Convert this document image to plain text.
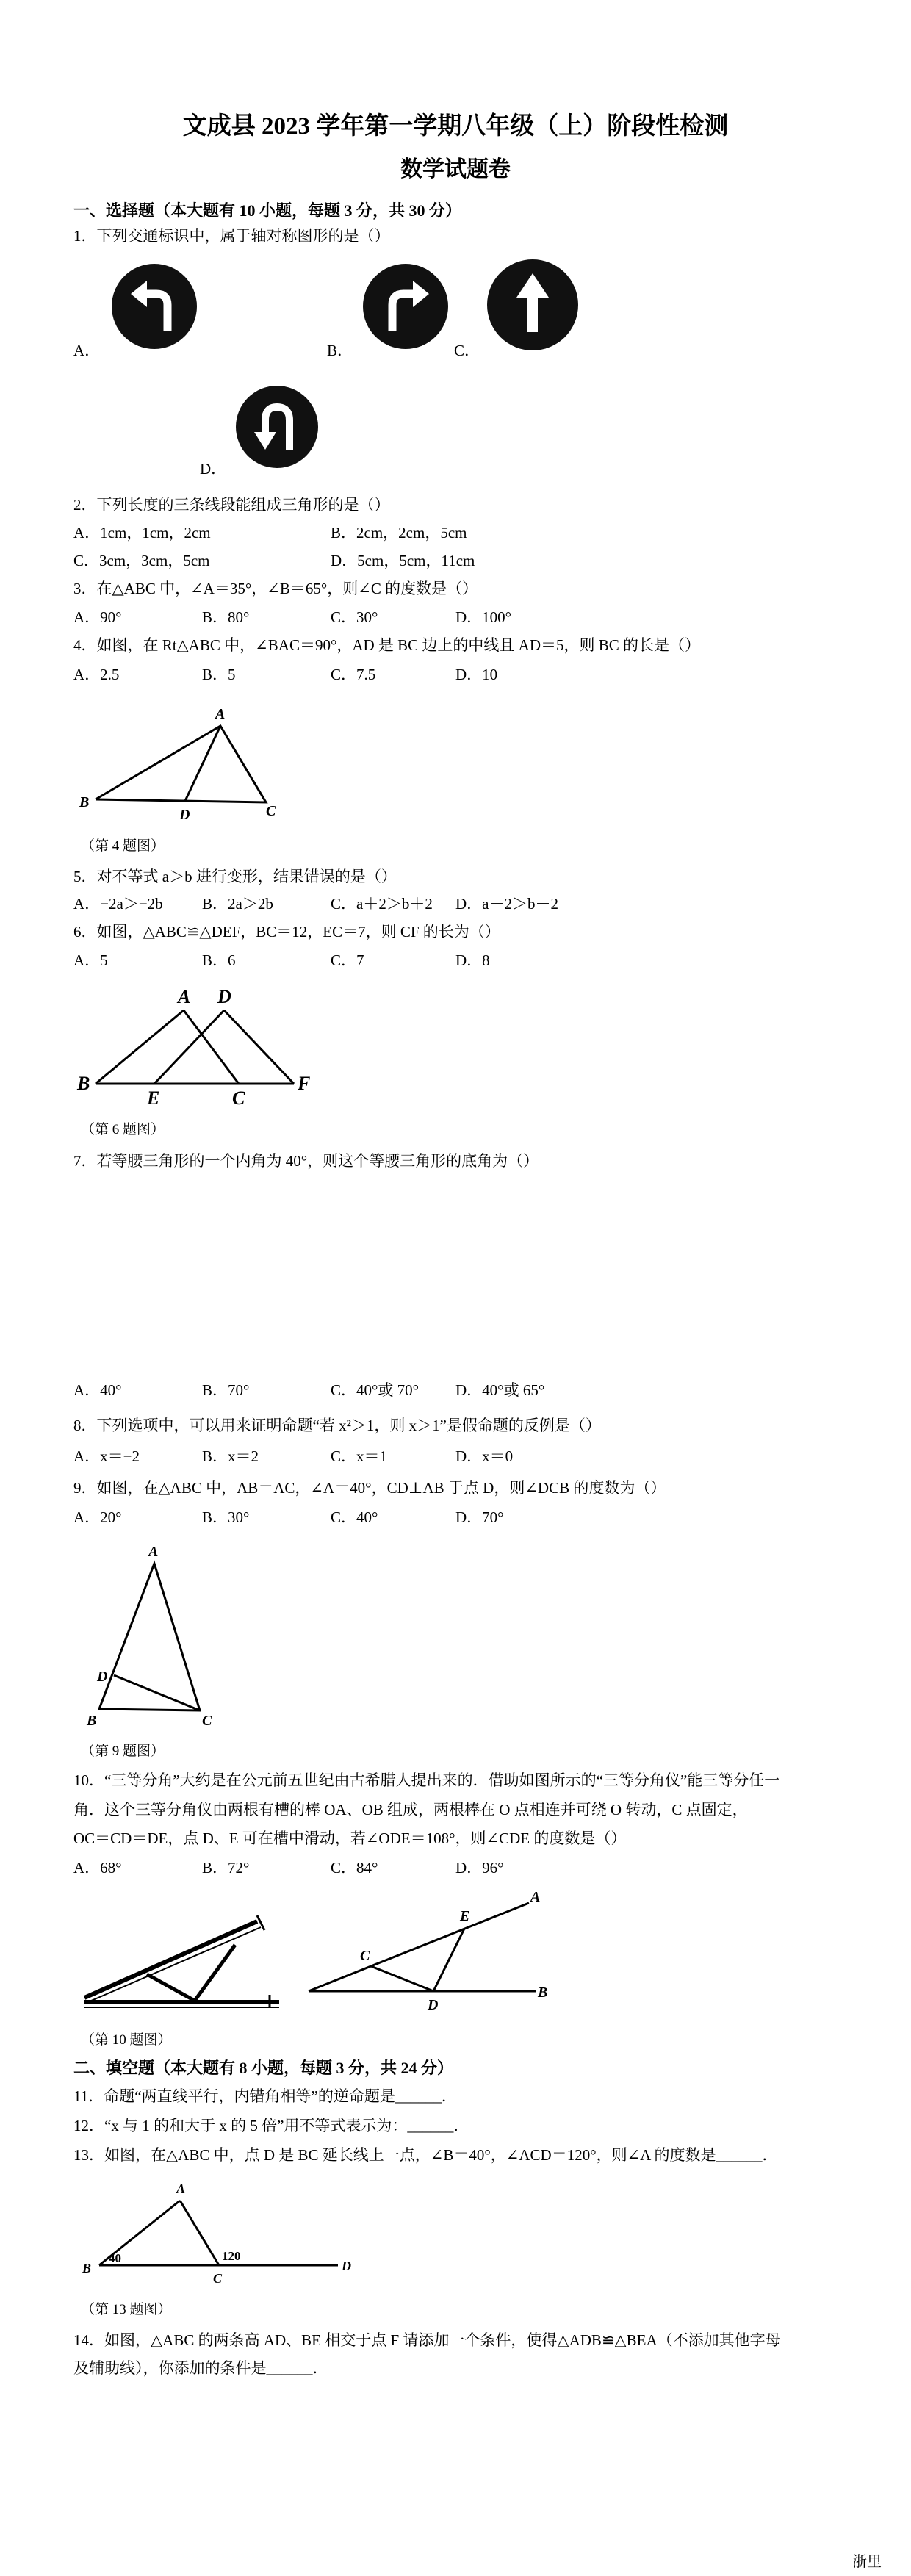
文成县 2023 学年第一学期八年级（上）阶段性检测
数学试题卷
一、选择题（本大题有 10 小题，每题 3 分，共 30 分）
1．下列交通标识中，属于轴对称图形的是（）
A．	B．	C．
D．
2．下列长度的三条线段能组成三角形的是（）
A．1cm，1cm，2cm	B．2cm，2cm，5cm
C．3cm，3cm，5cm	D．5cm，5cm，11cm
3．在△ABC 中，∠A＝35°，∠B＝65°，则∠C 的度数是（）
A．90°	B．80°	C．30°	D．100°
4．如图，在 Rt△ABC 中，∠BAC＝90°，AD 是 BC 边上的中线且 AD＝5，则 BC 的长是（）
A．2.5	B．5	C．7.5	D．10
A
B
D	C
（第 4 题图）
5．对不等式 a＞b 进行变形，结果错误的是（）
A．−2a＞−2b	B．2a＞2b	C．a＋2＞b＋2 D．a－2＞b－2
6．如图，△ABC≌△DEF，BC＝12，EC＝7，则 CF 的长为（）
A．5	B．6	C．7	D．8
A D
B
E	C
F
（第 6 题图）
7．若等腰三角形的一个内角为 40°，则这个等腰三角形的底角为（）
A．40°	B．70°	C．40°或 70° D．40°或 65°
8．下列选项中，可以用来证明命题“若 x²＞1，则 x＞1”是假命题的反例是（）
A．x＝−2	B．x＝2	C．x＝1	D．x＝0
9．如图，在△ABC 中，AB＝AC，∠A＝40°，CD⊥AB 于点 D，则∠DCB 的度数为（）
A．20°	B．30°	C．40°	D．70°
A
D
B	C
（第 9 题图）
10．“三等分角”大约是在公元前五世纪由古希腊人提出来的．借助如图所示的“三等分角仪”能三等分任一
角．这个三等分角仪由两根有槽的棒 OA、OB 组成，两根棒在 O 点相连并可绕 O 转动，C 点固定，
OC＝CD＝DE，点 D、E 可在槽中滑动，若∠ODE＝108°，则∠CDE 的度数是（）
A．68°	B．72°	C．84°	D．96°
E
A
C
D
B
（第 10 题图）
二、填空题（本大题有 8 小题，每题 3 分，共 24 分）
11．命题“两直线平行，内错角相等”的逆命题是______．
12．“x 与 1 的和大于 x 的 5 倍”用不等式表示为：______．
13．如图，在△ABC 中，点 D 是 BC 延长线上一点，∠B＝40°，∠ACD＝120°，则∠A 的度数是______．
A
B
40
C
120
D
（第 13 题图）
14．如图，△ABC 的两条高 AD、BE 相交于点 F 请添加一个条件，使得△ADB≌△BEA（不添加其他字母
及辅助线），你添加的条件是______．
浙里
